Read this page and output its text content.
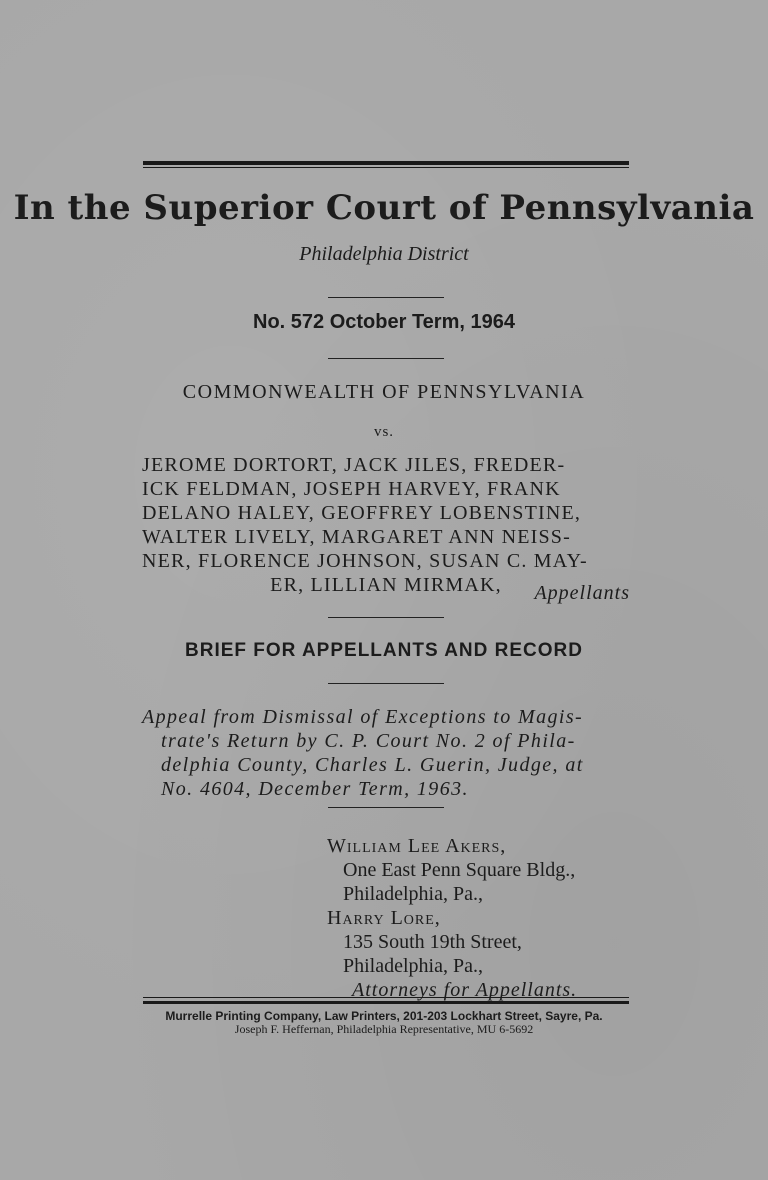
In the Superior Court of Pennsylvania
Philadelphia District
No. 572 October Term, 1964
COMMONWEALTH OF PENNSYLVANIA
vs.
JEROME DORTORT, JACK JILES, FREDER-
ICK FELDMAN, JOSEPH HARVEY, FRANK
DELANO HALEY, GEOFFREY LOBENSTINE,
WALTER LIVELY, MARGARET ANN NEISS-
NER, FLORENCE JOHNSON, SUSAN C. MAY-
ER, LILLIAN MIRMAK,	Appellants
BRIEF FOR APPELLANTS AND RECORD
Appeal from Dismissal of Exceptions to Magis-
trate's Return by C. P. Court No. 2 of Phila-
delphia County, Charles L. Guerin, Judge, at
No. 4604, December Term, 1963.
William Lee Akers,
One East Penn Square Bldg.,
Philadelphia, Pa.,
Harry Lore,
135 South 19th Street,
Philadelphia, Pa.,
Attorneys for Appellants.
Murrelle Printing Company, Law Printers, 201-203 Lockhart Street, Sayre, Pa.
Joseph F. Heffernan, Philadelphia Representative, MU 6-5692
